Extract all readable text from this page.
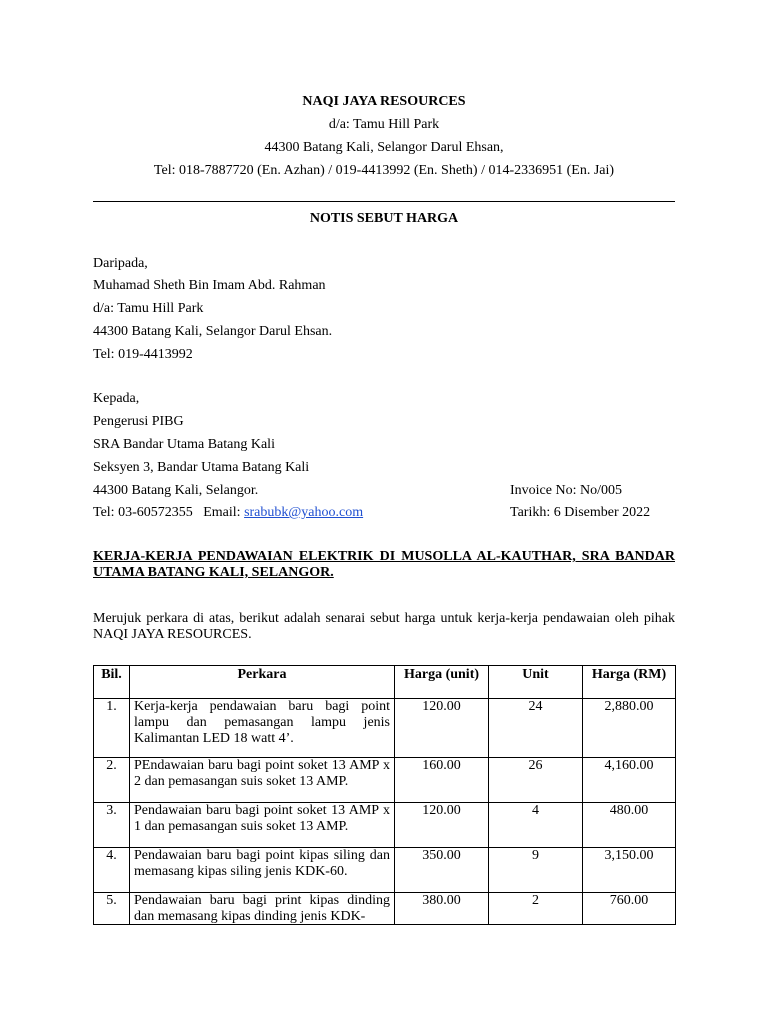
NAQI JAYA RESOURCES
d/a: Tamu Hill Park
44300 Batang Kali, Selangor Darul Ehsan,
Tel: 018-7887720 (En. Azhan) / 019-4413992 (En. Sheth) / 014-2336951 (En. Jai)
NOTIS SEBUT HARGA
Daripada,
Muhamad Sheth Bin Imam Abd. Rahman
d/a: Tamu Hill Park
44300 Batang Kali, Selangor Darul Ehsan.
Tel: 019-4413992
Kepada,
Pengerusi PIBG
SRA Bandar Utama Batang Kali
Seksyen 3, Bandar Utama Batang Kali
44300 Batang Kali, Selangor.
Tel: 03-60572355 Email: srabubk@yahoo.com
Invoice No: No/005
Tarikh: 6 Disember 2022
KERJA-KERJA PENDAWAIAN ELEKTRIK DI MUSOLLA AL-KAUTHAR, SRA BANDAR UTAMA BATANG KALI, SELANGOR.
Merujuk perkara di atas, berikut adalah senarai sebut harga untuk kerja-kerja pendawaian oleh pihak NAQI JAYA RESOURCES.
Bil.	Perkara	Harga (unit)	Unit	Harga (RM)
1.	Kerja-kerja pendawaian baru bagi point lampu dan pemasangan lampu jenis Kalimantan LED 18 watt 4’.	120.00	24	2,880.00
2.	PEndawaian baru bagi point soket 13 AMP x 2 dan pemasangan suis soket 13 AMP.	160.00	26	4,160.00
3.	Pendawaian baru bagi point soket 13 AMP x 1 dan pemasangan suis soket 13 AMP.	120.00	4	480.00
4.	Pendawaian baru bagi point kipas siling dan memasang kipas siling jenis KDK-60.	350.00	9	3,150.00
5.	Pendawaian baru bagi print kipas dinding dan memasang kipas dinding jenis KDK-	380.00	2	760.00
